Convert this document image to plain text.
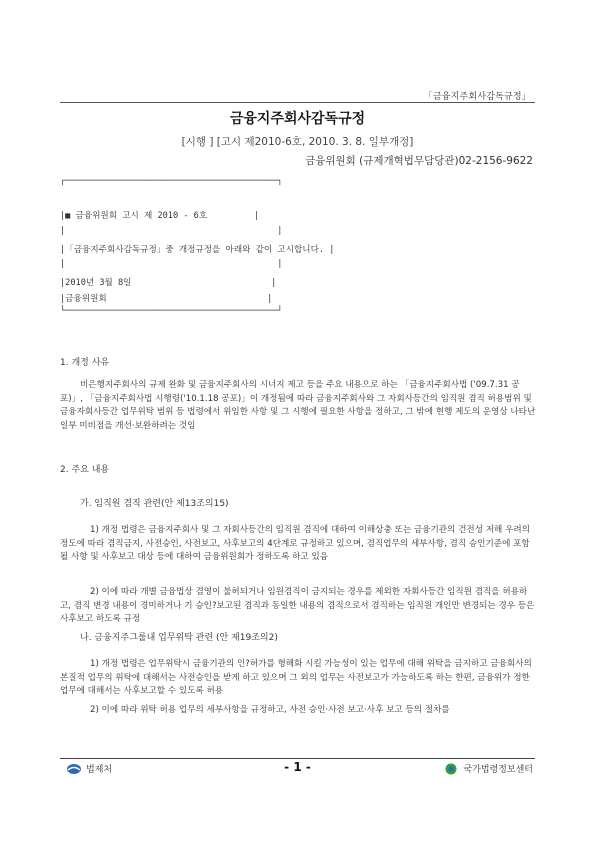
「금융지주회사감독규정」
금융지주회사감독규정
[시행 ] [고시 제2010-6호, 2010. 3. 8. 일부개정]
금융위원회 (규제개혁법무담당관)02-2156-9622
┌─────────────────────────────────────────┐
|■ 금융위원회 고시 제 2010 - 6호         |
|                                         |
|「금융지주회사감독규정」중 개정규정을 아래와 같이 고시합니다. |
|                                         |
|2010년 3월 8일                           |
|금융위원회                               |
└─────────────────────────────────────────┘
1. 개정 사유
비은행지주회사의 규제 완화 및 금융지주회사의 시너지 제고 등을 주요 내용으로 하는 「금융지주회사법 ('09.7.31 공포)」, 「금융지주회사법 시행령('10.1.18 공포)」이 개정됨에 따라 금융지주회사와 그 자회사등간의 임직원 겸직 허용범위 및 금융자회사등간 업무위탁 범위 등 법령에서 위임한 사항 및 그 시행에 필요한 사항을 정하고, 그 밖에 현행 제도의 운영상 나타난 일부 미비점을 개선·보완하려는 것임
2. 주요 내용
가. 임직원 겸직 관련(안 제13조의15)
1) 개정 법령은 금융지주회사 및 그 자회사등간의 임직원 겸직에 대하여 이해상충 또는 금융기관의 건전성 저해 우려의 정도에 따라 겸직금지, 사전승인, 사전보고, 사후보고의 4단계로 규정하고 있으며, 겸직업무의 세부사항, 겸직 승인기준에 포함될 사항 및 사후보고 대상 등에 대하여 금융위원회가 정하도록 하고 있음
2) 이에 따라 개별 금융법상 겸영이 불허되거나 임원겸직이 금지되는 경우를 제외한 자회사등간 임직원 겸직을 허용하고, 겸직 변경 내용이 경미하거나 기 승인?보고된 겸직과 동일한 내용의 겸직으로서 겸직하는 임직원 개인만 변경되는 경우 등은 사후보고 하도록 규정
나. 금융지주그룹내 업무위탁 관련 (안 제19조의2)
1) 개정 법령은 업무위탁시 금융기관의 인?허가를 형해화 시킬 가능성이 있는 업무에 대해 위탁을 금지하고 금융회사의 본질적 업무의 위탁에 대해서는 사전승인을 받게 하고 있으며 그 외의 업무는 사전보고가 가능하도록 하는 한편, 금융위가 정한 업무에 대해서는 사후보고할 수 있도록 허용
2) 이에 따라 위탁 허용 업무의 세부사항을 규정하고, 사전 승인·사전 보고·사후 보고 등의 절차를
법제처	- 1 -	국가법령정보센터
